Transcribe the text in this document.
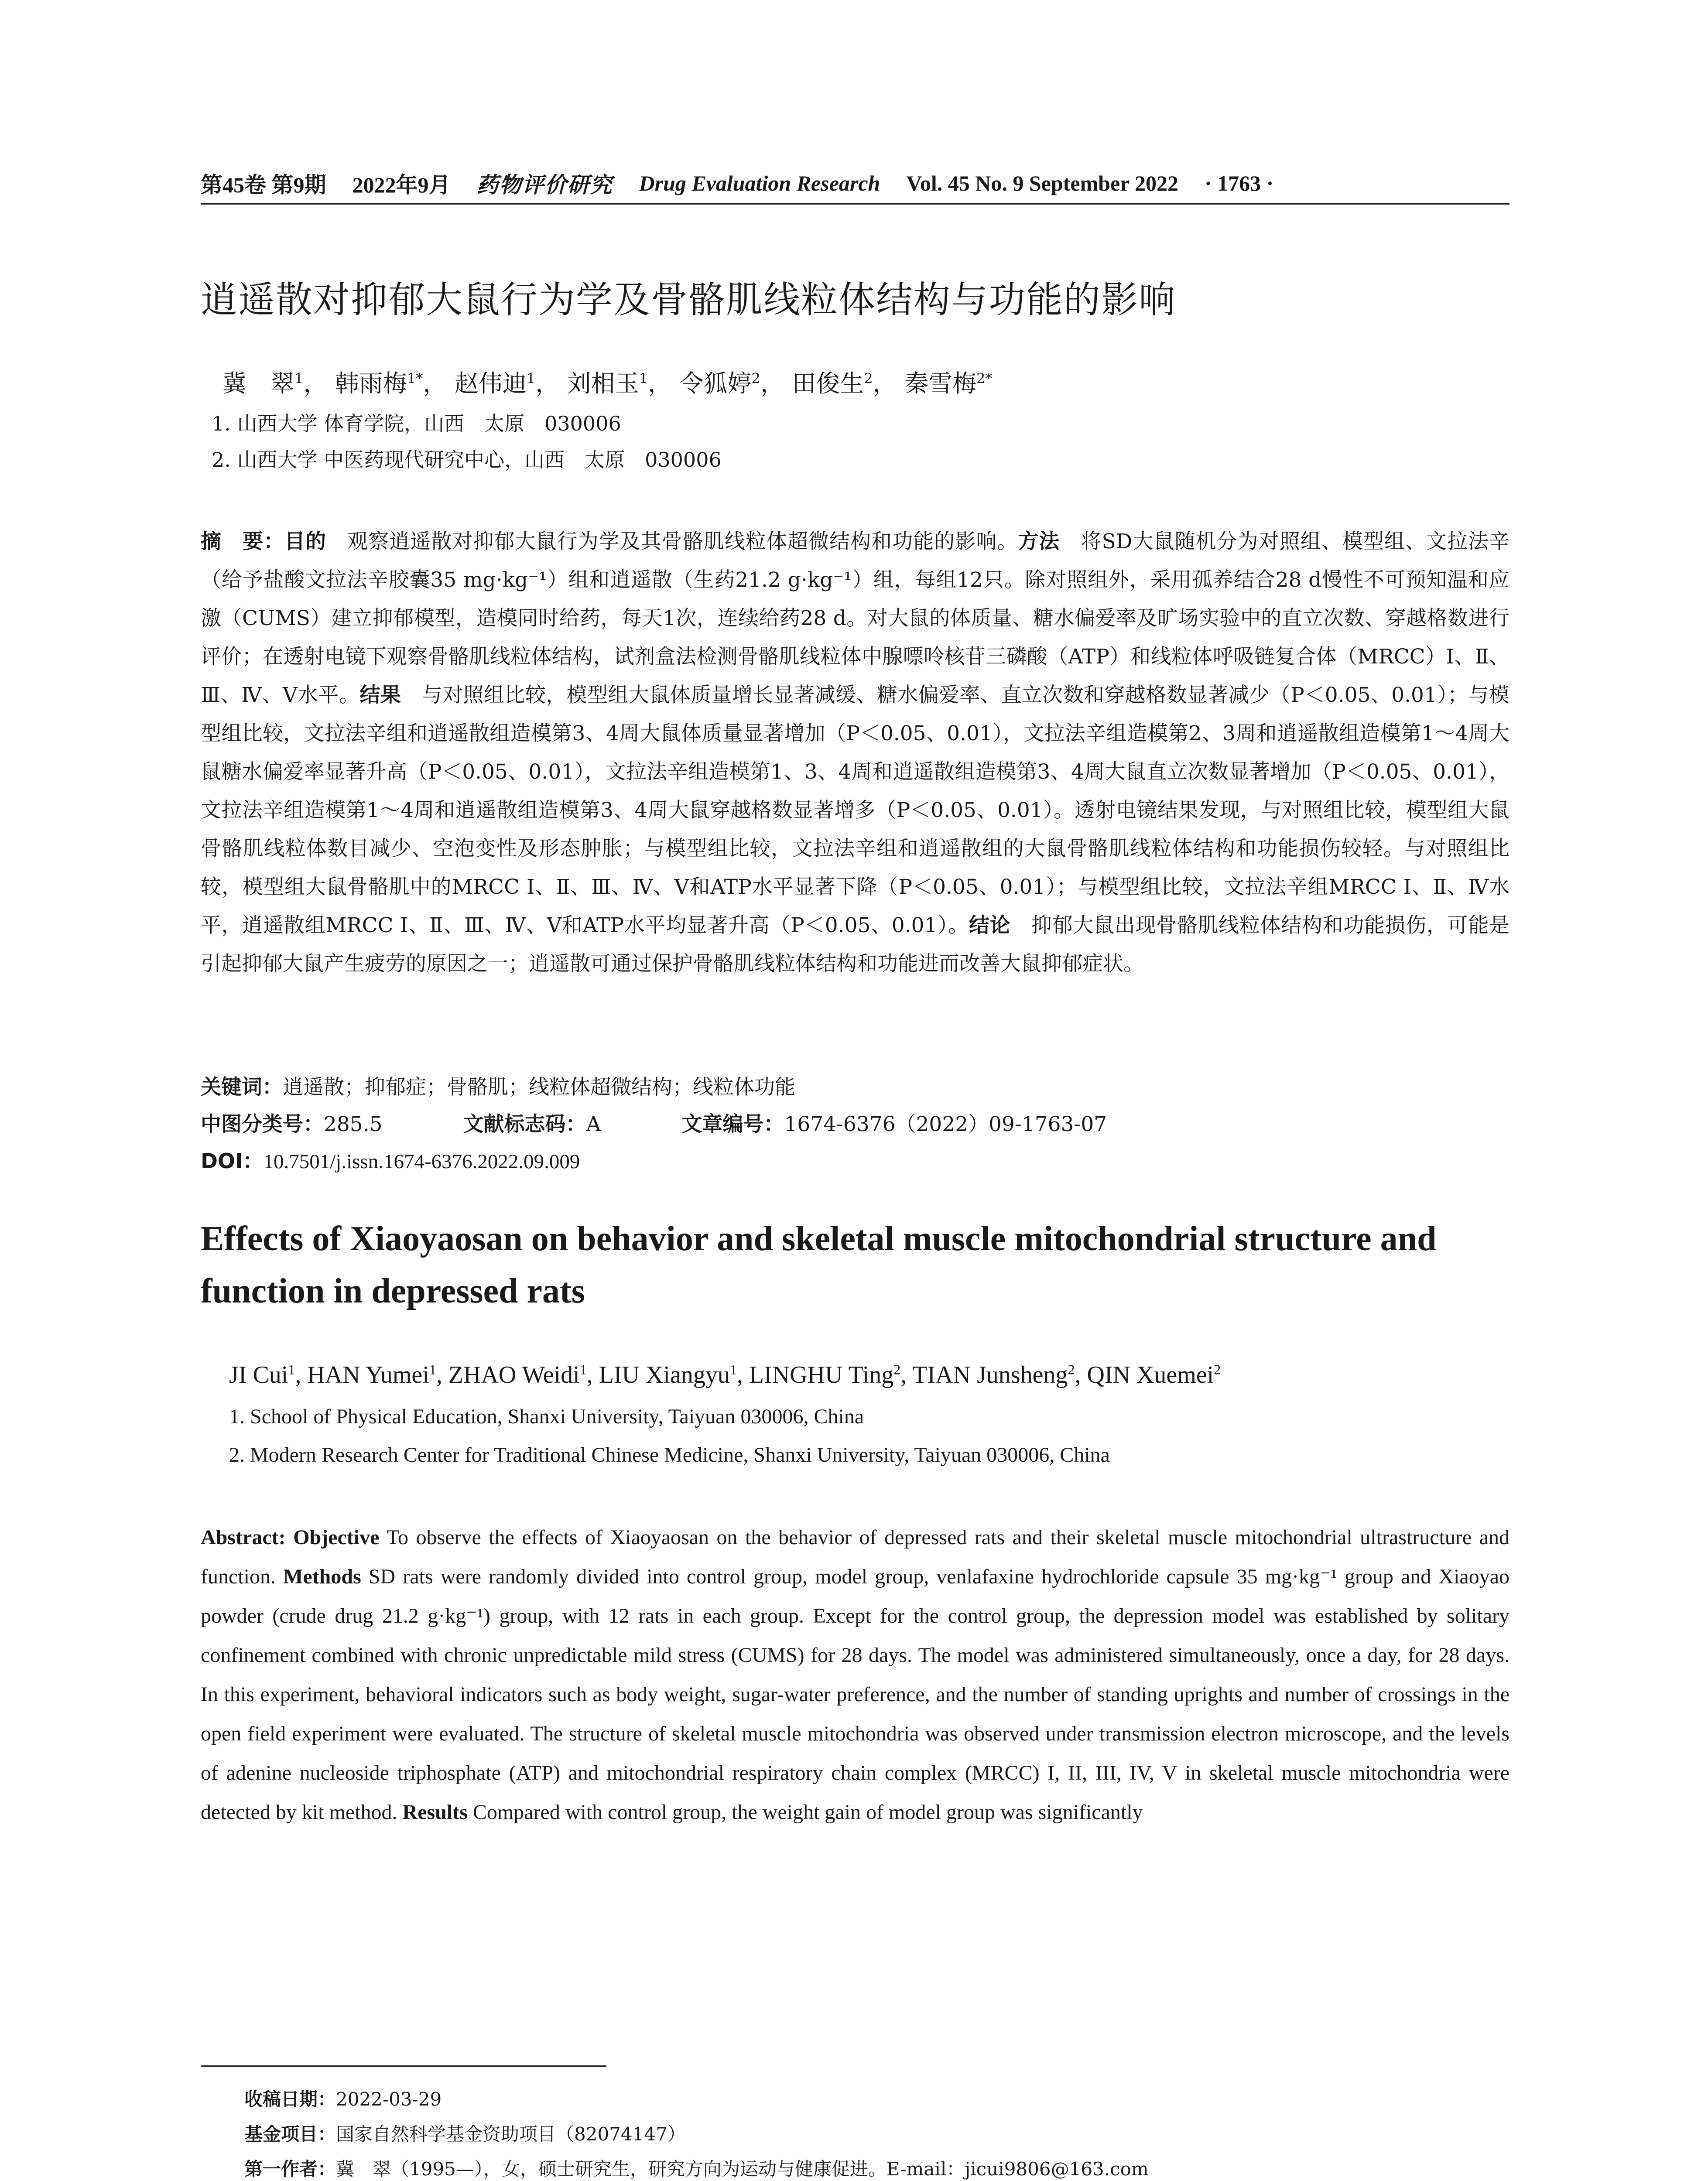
第45卷 第9期 2022年9月 药物评价研究 Drug Evaluation Research Vol. 45 No. 9 September 2022 · 1763 ·
逍遥散对抑郁大鼠行为学及骨骼肌线粒体结构与功能的影响
冀　翠$^1$， 韩雨梅$^{1*}$， 赵伟迪$^1$， 刘相玉$^1$， 令狐婷$^2$， 田俊生$^2$， 秦雪梅$^{2*}$
1. 山西大学 体育学院，山西　太原　030006
2. 山西大学 中医药现代研究中心，山西　太原　030006
摘　要：目的　 观察逍遥散对抑郁大鼠行为学及其骨骼肌线粒体超微结构和功能的影响。方法　 将SD大鼠随机分为对照组、模型组、文拉法辛（给予盐酸文拉法辛胶囊35 mg·kg⁻¹）组和逍遥散（生药21.2 g·kg⁻¹）组，每组12只。除对照组外，采用孤养结合28 d慢性不可预知温和应激（CUMS）建立抑郁模型，造模同时给药，每天1次，连续给药28 d。对大鼠的体质量、糖水偏爱率及旷场实验中的直立次数、穿越格数进行评价；在透射电镜下观察骨骼肌线粒体结构，试剂盒法检测骨骼肌线粒体中腺嘌呤核苷三磷酸（ATP）和线粒体呼吸链复合体（MRCC）Ⅰ、Ⅱ、Ⅲ、Ⅳ、Ⅴ水平。结果　 与对照组比较，模型组大鼠体质量增长显著减缓、糖水偏爱率、直立次数和穿越格数显著减少（P＜0.05、0.01）；与模型组比较，文拉法辛组和逍遥散组造模第3、4周大鼠体质量显著增加（P＜0.05、0.01），文拉法辛组造模第2、3周和逍遥散组造模第1～4周大鼠糖水偏爱率显著升高（P＜0.05、0.01），文拉法辛组造模第1、3、4周和逍遥散组造模第3、4周大鼠直立次数显著增加（P＜0.05、0.01），文拉法辛组造模第1～4周和逍遥散组造模第3、4周大鼠穿越格数显著增多（P＜0.05、0.01）。透射电镜结果发现，与对照组比较，模型组大鼠骨骼肌线粒体数目减少、空泡变性及形态肿胀；与模型组比较，文拉法辛组和逍遥散组的大鼠骨骼肌线粒体结构和功能损伤较轻。与对照组比较，模型组大鼠骨骼肌中的MRCC Ⅰ、Ⅱ、Ⅲ、Ⅳ、Ⅴ和ATP水平显著下降（P＜0.05、0.01）；与模型组比较，文拉法辛组MRCC Ⅰ、Ⅱ、Ⅳ水平，逍遥散组MRCC Ⅰ、Ⅱ、Ⅲ、Ⅳ、Ⅴ和ATP水平均显著升高（P＜0.05、0.01）。结论　 抑郁大鼠出现骨骼肌线粒体结构和功能损伤，可能是引起抑郁大鼠产生疲劳的原因之一；逍遥散可通过保护骨骼肌线粒体结构和功能进而改善大鼠抑郁症状。
关键词：逍遥散；抑郁症；骨骼肌；线粒体超微结构；线粒体功能
中图分类号：285.5	文献标志码：A	文章编号：1674-6376（2022）09-1763-07
DOI：10.7501/j.issn.1674-6376.2022.09.009
Effects of Xiaoyaosan on behavior and skeletal muscle mitochondrial structure and function in depressed rats
JI Cui$^1$, HAN Yumei$^1$, ZHAO Weidi$^1$, LIU Xiangyu$^1$, LINGHU Ting$^2$, TIAN Junsheng$^2$, QIN Xuemei$^2$
1. School of Physical Education, Shanxi University, Taiyuan 030006, China
2. Modern Research Center for Traditional Chinese Medicine, Shanxi University, Taiyuan 030006, China
Abstract: Objective To observe the effects of Xiaoyaosan on the behavior of depressed rats and their skeletal muscle mitochondrial ultrastructure and function. Methods SD rats were randomly divided into control group, model group, venlafaxine hydrochloride capsule 35 mg·kg⁻¹ group and Xiaoyao powder (crude drug 21.2 g·kg⁻¹) group, with 12 rats in each group. Except for the control group, the depression model was established by solitary confinement combined with chronic unpredictable mild stress (CUMS) for 28 days. The model was administered simultaneously, once a day, for 28 days. In this experiment, behavioral indicators such as body weight, sugar-water preference, and the number of standing uprights and number of crossings in the open field experiment were evaluated. The structure of skeletal muscle mitochondria was observed under transmission electron microscope, and the levels of adenine nucleoside triphosphate (ATP) and mitochondrial respiratory chain complex (MRCC) I, II, III, IV, V in skeletal muscle mitochondria were detected by kit method. Results Compared with control group, the weight gain of model group was significantly
收稿日期：2022-03-29
基金项目：国家自然科学基金资助项目（82074147）
第一作者：冀　翠（1995—），女，硕士研究生，研究方向为运动与健康促进。E-mail：jicui9806@163.com
